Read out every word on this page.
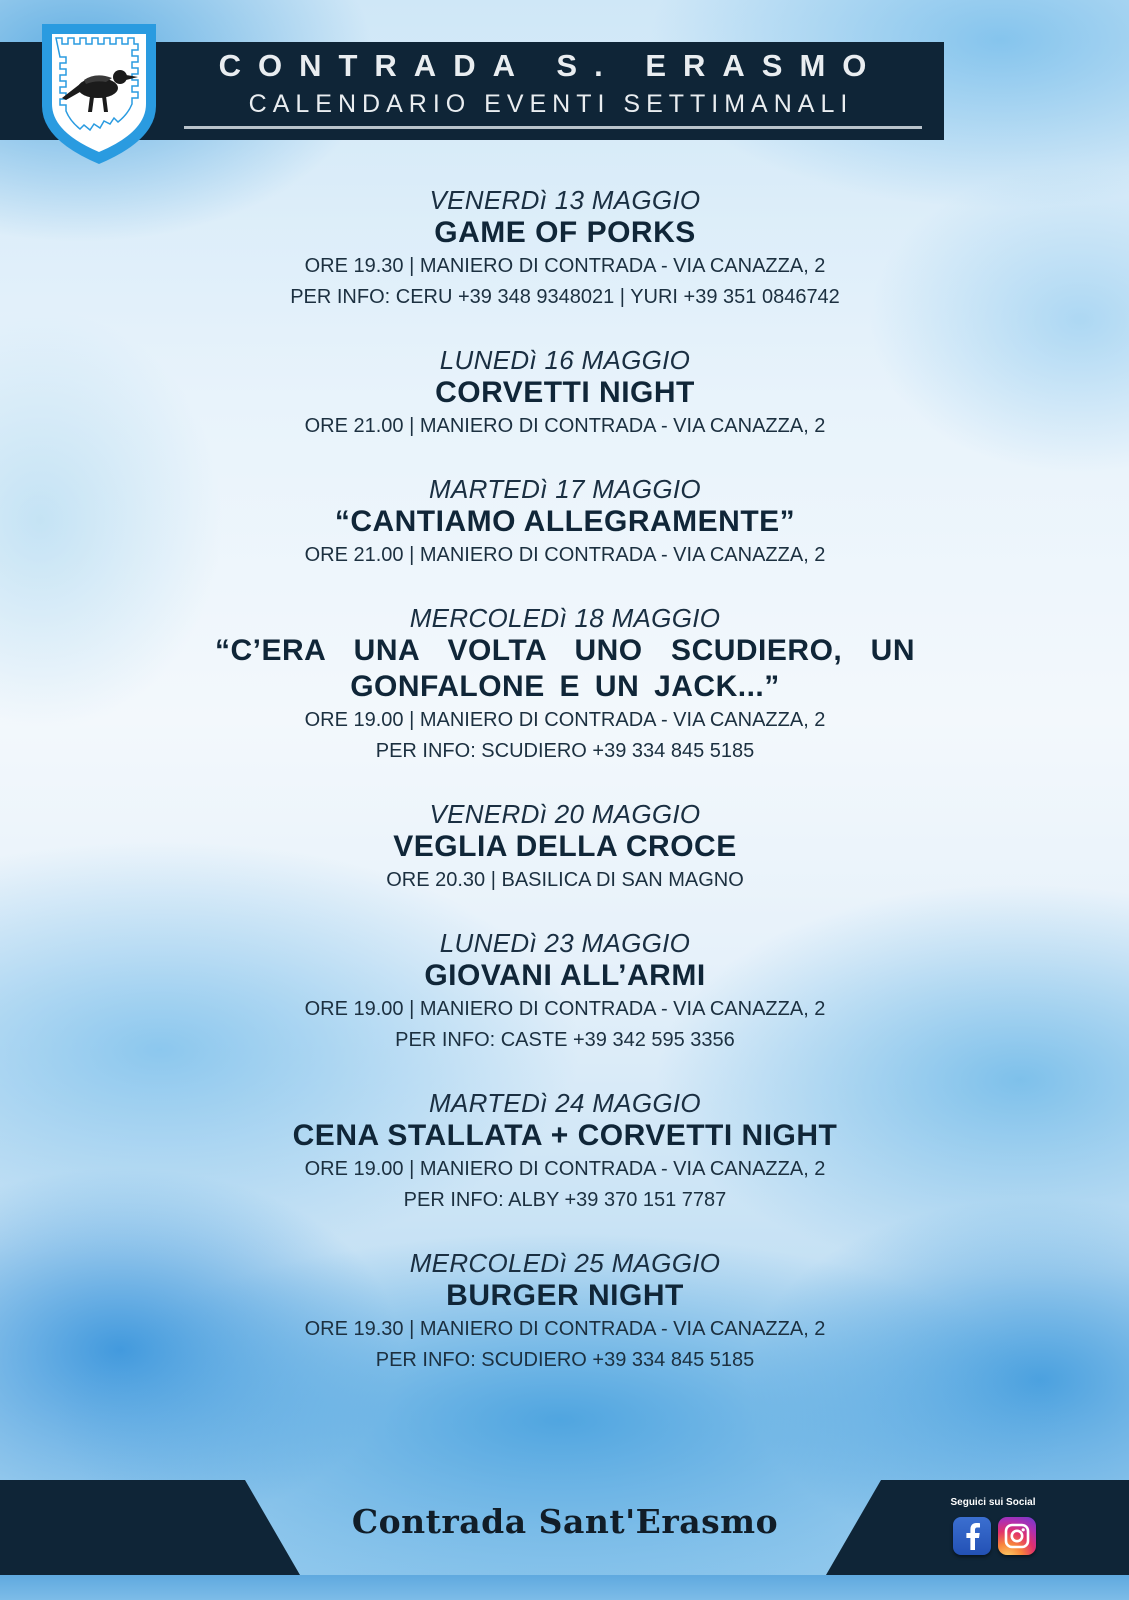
CONTRADA S. ERASMO
CALENDARIO EVENTI SETTIMANALI
VENERDì 13 MAGGIO
GAME OF PORKS
ORE 19.30 | MANIERO DI CONTRADA - VIA CANAZZA, 2
PER INFO: CERU +39 348 9348021 | YURI +39 351 0846742
LUNEDì 16 MAGGIO
CORVETTI NIGHT
ORE 21.00 | MANIERO DI CONTRADA - VIA CANAZZA, 2
MARTEDì 17 MAGGIO
“CANTIAMO ALLEGRAMENTE”
ORE 21.00 | MANIERO DI CONTRADA - VIA CANAZZA, 2
MERCOLEDì 18 MAGGIO
“C’ERA UNA VOLTA UNO SCUDIERO, UN GONFALONE E UN JACK...”
ORE 19.00 | MANIERO DI CONTRADA - VIA CANAZZA, 2
PER INFO: SCUDIERO +39 334 845 5185
VENERDì 20 MAGGIO
VEGLIA DELLA CROCE
ORE 20.30 | BASILICA DI SAN MAGNO
LUNEDì 23 MAGGIO
GIOVANI ALL’ARMI
ORE 19.00 | MANIERO DI CONTRADA - VIA CANAZZA, 2
PER INFO: CASTE +39 342 595 3356
MARTEDì 24 MAGGIO
CENA STALLATA + CORVETTI NIGHT
ORE 19.00 | MANIERO DI CONTRADA - VIA CANAZZA, 2
PER INFO: ALBY +39 370 151 7787
MERCOLEDì 25 MAGGIO
BURGER NIGHT
ORE 19.30 | MANIERO DI CONTRADA - VIA CANAZZA, 2
PER INFO: SCUDIERO +39 334 845 5185
Contrada Sant'Erasmo	Seguici sui Social
